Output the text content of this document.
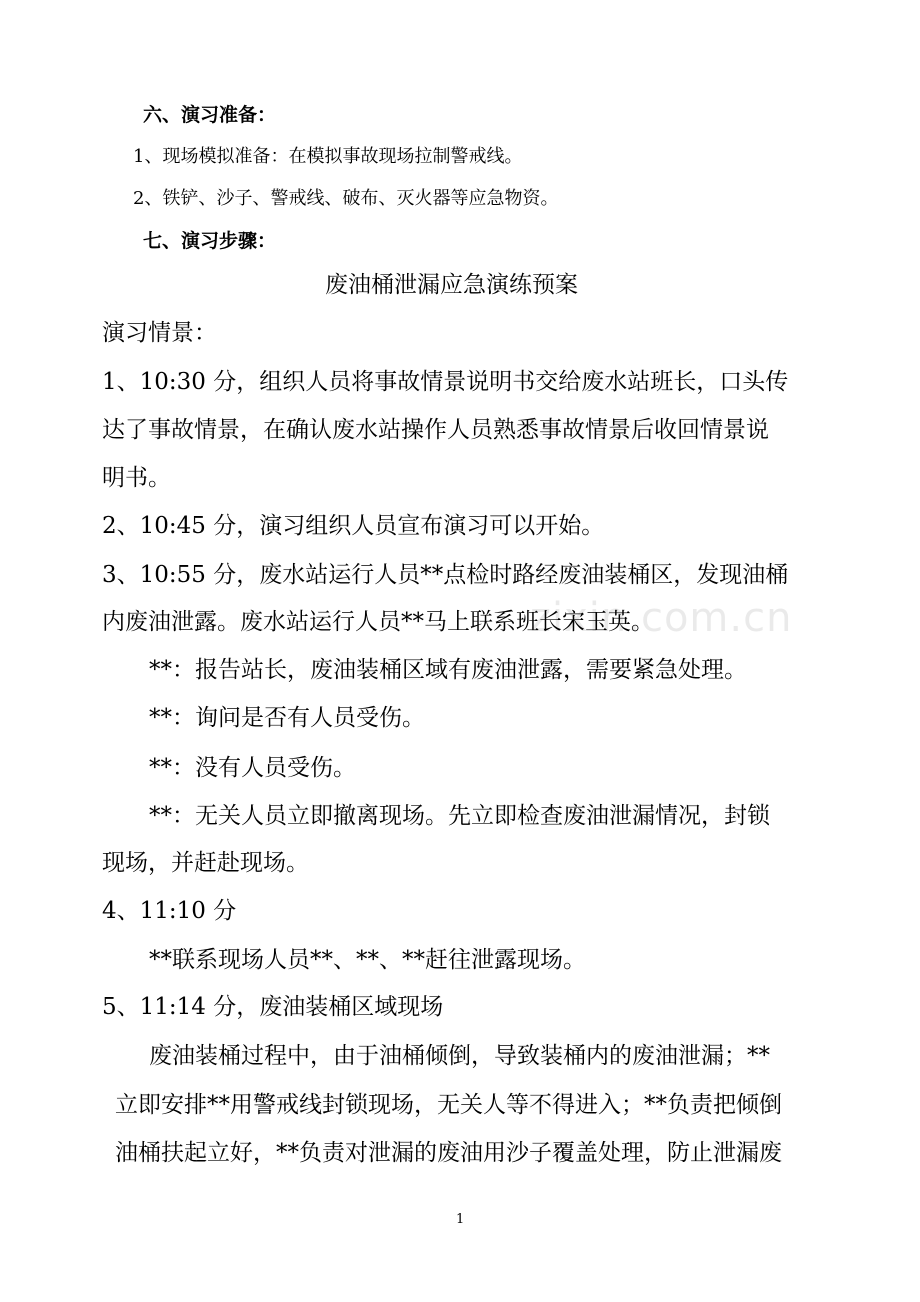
六、演习准备：
1、现场模拟准备：在模拟事故现场拉制警戒线。
2、铁铲、沙子、警戒线、破布、灭火器等应急物资。
七、演习步骤：
废油桶泄漏应急演练预案
演习情景：
1、10:30 分，组织人员将事故情景说明书交给废水站班长，口头传
达了事故情景，在确认废水站操作人员熟悉事故情景后收回情景说
明书。
2、10:45 分，演习组织人员宣布演习可以开始。
3、10:55 分，废水站运行人员**点检时路经废油装桶区，发现油桶
内废油泄露。废水站运行人员**马上联系班长宋玉英。
**：报告站长，废油装桶区域有废油泄露，需要紧急处理。
**：询问是否有人员受伤。
**：没有人员受伤。
**：无关人员立即撤离现场。先立即检查废油泄漏情况，封锁
现场，并赶赴现场。
4、11:10 分
**联系现场人员**、**、**赶往泄露现场。
5、11:14 分，废油装桶区域现场
废油装桶过程中，由于油桶倾倒，导致装桶内的废油泄漏；**
立即安排**用警戒线封锁现场，无关人等不得进入；**负责把倾倒
油桶扶起立好，**负责对泄漏的废油用沙子覆盖处理，防止泄漏废
zixin.com.cn
1
